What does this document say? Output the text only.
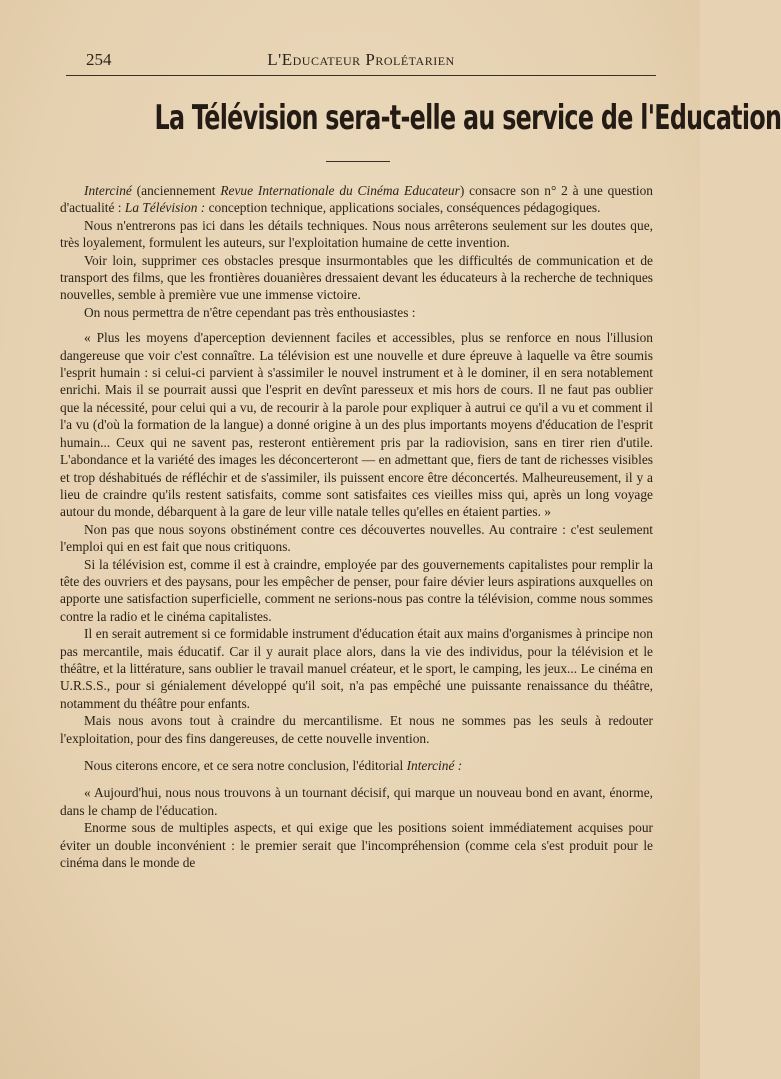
254	L'Educateur Prolétarien
La Télévision sera-t-elle au service de l'Education

Interciné (anciennement Revue Internationale du Cinéma Educateur) consacre son n° 2 à une question d'actualité : La Télévision : conception technique, applications sociales, conséquences pédagogiques.

Nous n'entrerons pas ici dans les détails techniques. Nous nous arrêterons seulement sur les doutes que, très loyalement, formulent les auteurs, sur l'exploitation humaine de cette invention.

Voir loin, supprimer ces obstacles presque insurmontables que les difficultés de communication et de transport des films, que les frontières douanières dressaient devant les éducateurs à la recherche de techniques nouvelles, semble à première vue une immense victoire.

On nous permettra de n'être cependant pas très enthousiastes :

« Plus les moyens d'aperception deviennent faciles et accessibles, plus se renforce en nous l'illusion dangereuse que voir c'est connaître. La télévision est une nouvelle et dure épreuve à laquelle va être soumis l'esprit humain : si celui-ci parvient à s'assimiler le nouvel instrument et à le dominer, il en sera notablement enrichi. Mais il se pourrait aussi que l'esprit en devînt paresseux et mis hors de cours. Il ne faut pas oublier que la nécessité, pour celui qui a vu, de recourir à la parole pour expliquer à autrui ce qu'il a vu et comment il l'a vu (d'où la formation de la langue) a donné origine à un des plus importants moyens d'éducation de l'esprit humain... Ceux qui ne savent pas, resteront entièrement pris par la radiovision, sans en tirer rien d'utile. L'abondance et la variété des images les déconcerteront — en admettant que, fiers de tant de richesses visibles et trop déshabitués de réfléchir et de s'assimiler, ils puissent encore être déconcertés. Malheureusement, il y a lieu de craindre qu'ils restent satisfaits, comme sont satisfaites ces vieilles miss qui, après un long voyage autour du monde, débarquent à la gare de leur ville natale telles qu'elles en étaient parties. »

Non pas que nous soyons obstinément contre ces découvertes nouvelles. Au contraire : c'est seulement l'emploi qui en est fait que nous critiquons.

Si la télévision est, comme il est à craindre, employée par des gouvernements capitalistes pour remplir la tête des ouvriers et des paysans, pour les empêcher de penser, pour faire dévier leurs aspirations auxquelles on apporte une satisfaction superficielle, comment ne serions-nous pas contre la télévision, comme nous sommes contre la radio et le cinéma capitalistes.

Il en serait autrement si ce formidable instrument d'éducation était aux mains d'organismes à principe non pas mercantile, mais éducatif. Car il y aurait place alors, dans la vie des individus, pour la télévision et le théâtre, et la littérature, sans oublier le travail manuel créateur, et le sport, le camping, les jeux... Le cinéma en U.R.S.S., pour si génialement développé qu'il soit, n'a pas empêché une puissante renaissance du théâtre, notamment du théâtre pour enfants.

Mais nous avons tout à craindre du mercantilisme. Et nous ne sommes pas les seuls à redouter l'exploitation, pour des fins dangereuses, de cette nouvelle invention.

Nous citerons encore, et ce sera notre conclusion, l'éditorial Interciné :

« Aujourd'hui, nous nous trouvons à un tournant décisif, qui marque un nouveau bond en avant, énorme, dans le champ de l'éducation.

Enorme sous de multiples aspects, et qui exige que les positions soient immédiatement acquises pour éviter un double inconvénient : le premier serait que l'incompréhension (comme cela s'est produit pour le cinéma dans le monde de
